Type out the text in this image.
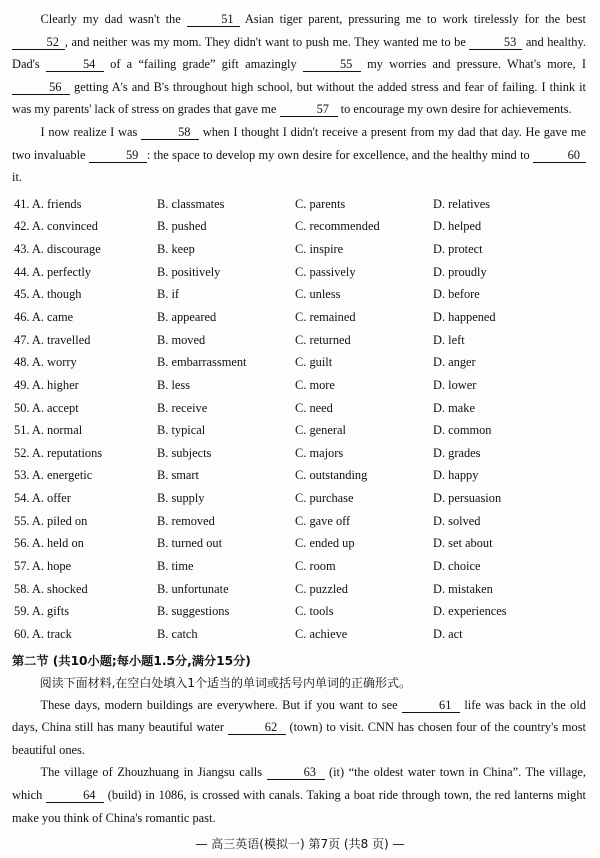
Clearly my dad wasn't the	51 Asian tiger parent, pressuring me to work tirelessly for the best 52 , and neither was my mom. They didn't want to push me. They wanted me to be	53 and healthy. Dad's	54 of a “failing grade” gift amazingly	55 my worries and pressure. What's more, I 56 getting A's and B's throughout high school, but without the added stress and fear of failing. I think it was my parents' lack of stress on grades that gave me	57 to encourage my own desire for achievements.

I now realize I was	58 when I thought I didn't receive a present from my dad that day. He gave me two invaluable	59 : the space to develop my own desire for excellence, and the healthy mind to	60 it.

41. A. friends	B. classmates	C. parents	D. relatives
42. A. convinced	B. pushed	C. recommended	D. helped
43. A. discourage	B. keep	C. inspire	D. protect
44. A. perfectly	B. positively	C. passively	D. proudly
45. A. though	B. if	C. unless	D. before
46. A. came	B. appeared	C. remained	D. happened
47. A. travelled	B. moved	C. returned	D. left
48. A. worry	B. embarrassment	C. guilt	D. anger
49. A. higher	B. less	C. more	D. lower
50. A. accept	B. receive	C. need	D. make
51. A. normal	B. typical	C. general	D. common
52. A. reputations	B. subjects	C. majors	D. grades
53. A. energetic	B. smart	C. outstanding	D. happy
54. A. offer	B. supply	C. purchase	D. persuasion
55. A. piled on	B. removed	C. gave off	D. solved
56. A. held on	B. turned out	C. ended up	D. set about
57. A. hope	B. time	C. room	D. choice
58. A. shocked	B. unfortunate	C. puzzled	D. mistaken
59. A. gifts	B. suggestions	C. tools	D. experiences
60. A. track	B. catch	C. achieve	D. act
第二节 (共10小题;每小题1.5分,满分15分)

阅读下面材料,在空白处填入1个适当的单词或括号内单词的正确形式。

These days, modern buildings are everywhere. But if you want to see	61 life was back in the old days, China still has many beautiful water	62 (town) to visit. CNN has chosen four of the country's most beautiful ones.

The village of Zhouzhuang in Jiangsu calls	63 (it) “the oldest water town in China”. The village, which	64 (build) in 1086, is crossed with canals. Taking a boat ride through town, the red lanterns might make you think of China's romantic past.

— 高三英语(模拟一) 第7页 (共8 页) —
